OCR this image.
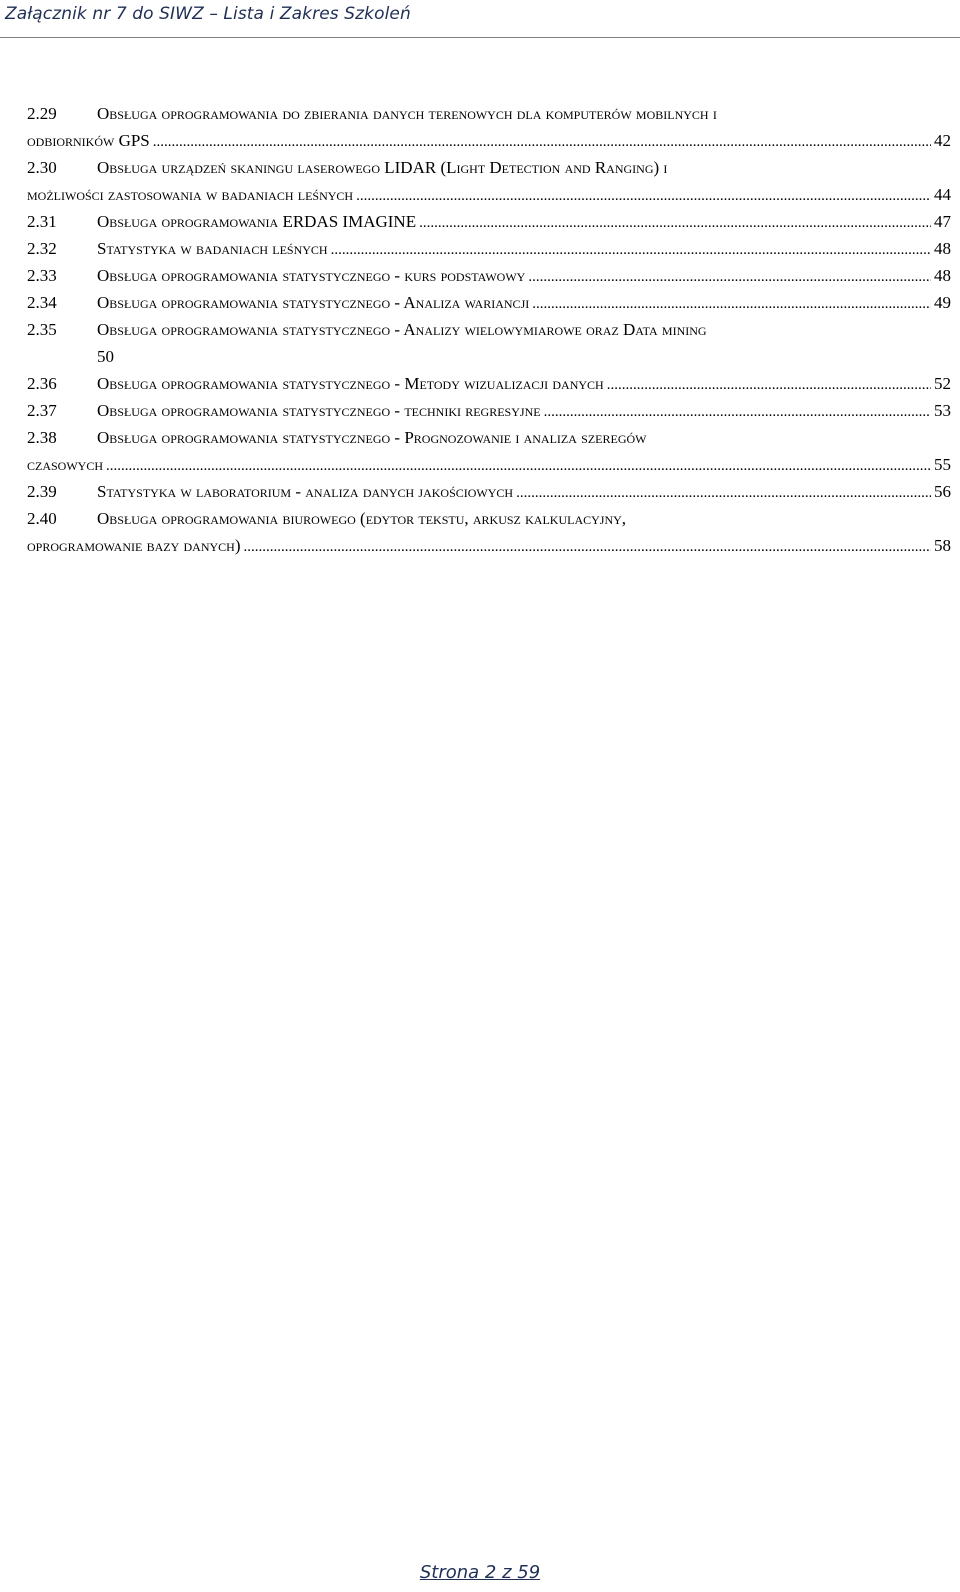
Załącznik nr 7 do SIWZ – Lista i Zakres Szkoleń
2.29 Obsługa oprogramowania do zbierania danych terenowych dla komputerów mobilnych i
odbiorników GPS .....	42
2.30 Obsługa urządzeń skaningu laserowego LIDAR (Light Detection and Ranging) i
możliwości zastosowania w badaniach leśnych .....	44
2.31	Obsługa oprogramowania ERDAS IMAGINE .....	47
2.32	Statystyka w badaniach leśnych .....	48
2.33	Obsługa oprogramowania statystycznego - kurs podstawowy .....	48
2.34	Obsługa oprogramowania statystycznego - Analiza wariancji .....	49
2.35 Obsługa oprogramowania statystycznego - Analizy wielowymiarowe oraz Data mining
50
2.36	Obsługa oprogramowania statystycznego - Metody wizualizacji danych .....	52
2.37	Obsługa oprogramowania statystycznego - techniki regresyjne .....	53
2.38 Obsługa oprogramowania statystycznego - Prognozowanie i analiza szeregów
czasowych .....	55
2.39	Statystyka w laboratorium - analiza danych jakościowych .....	56
2.40 Obsługa oprogramowania biurowego (edytor tekstu, arkusz kalkulacyjny,
oprogramowanie bazy danych) .....	58
Strona 2 z 59
